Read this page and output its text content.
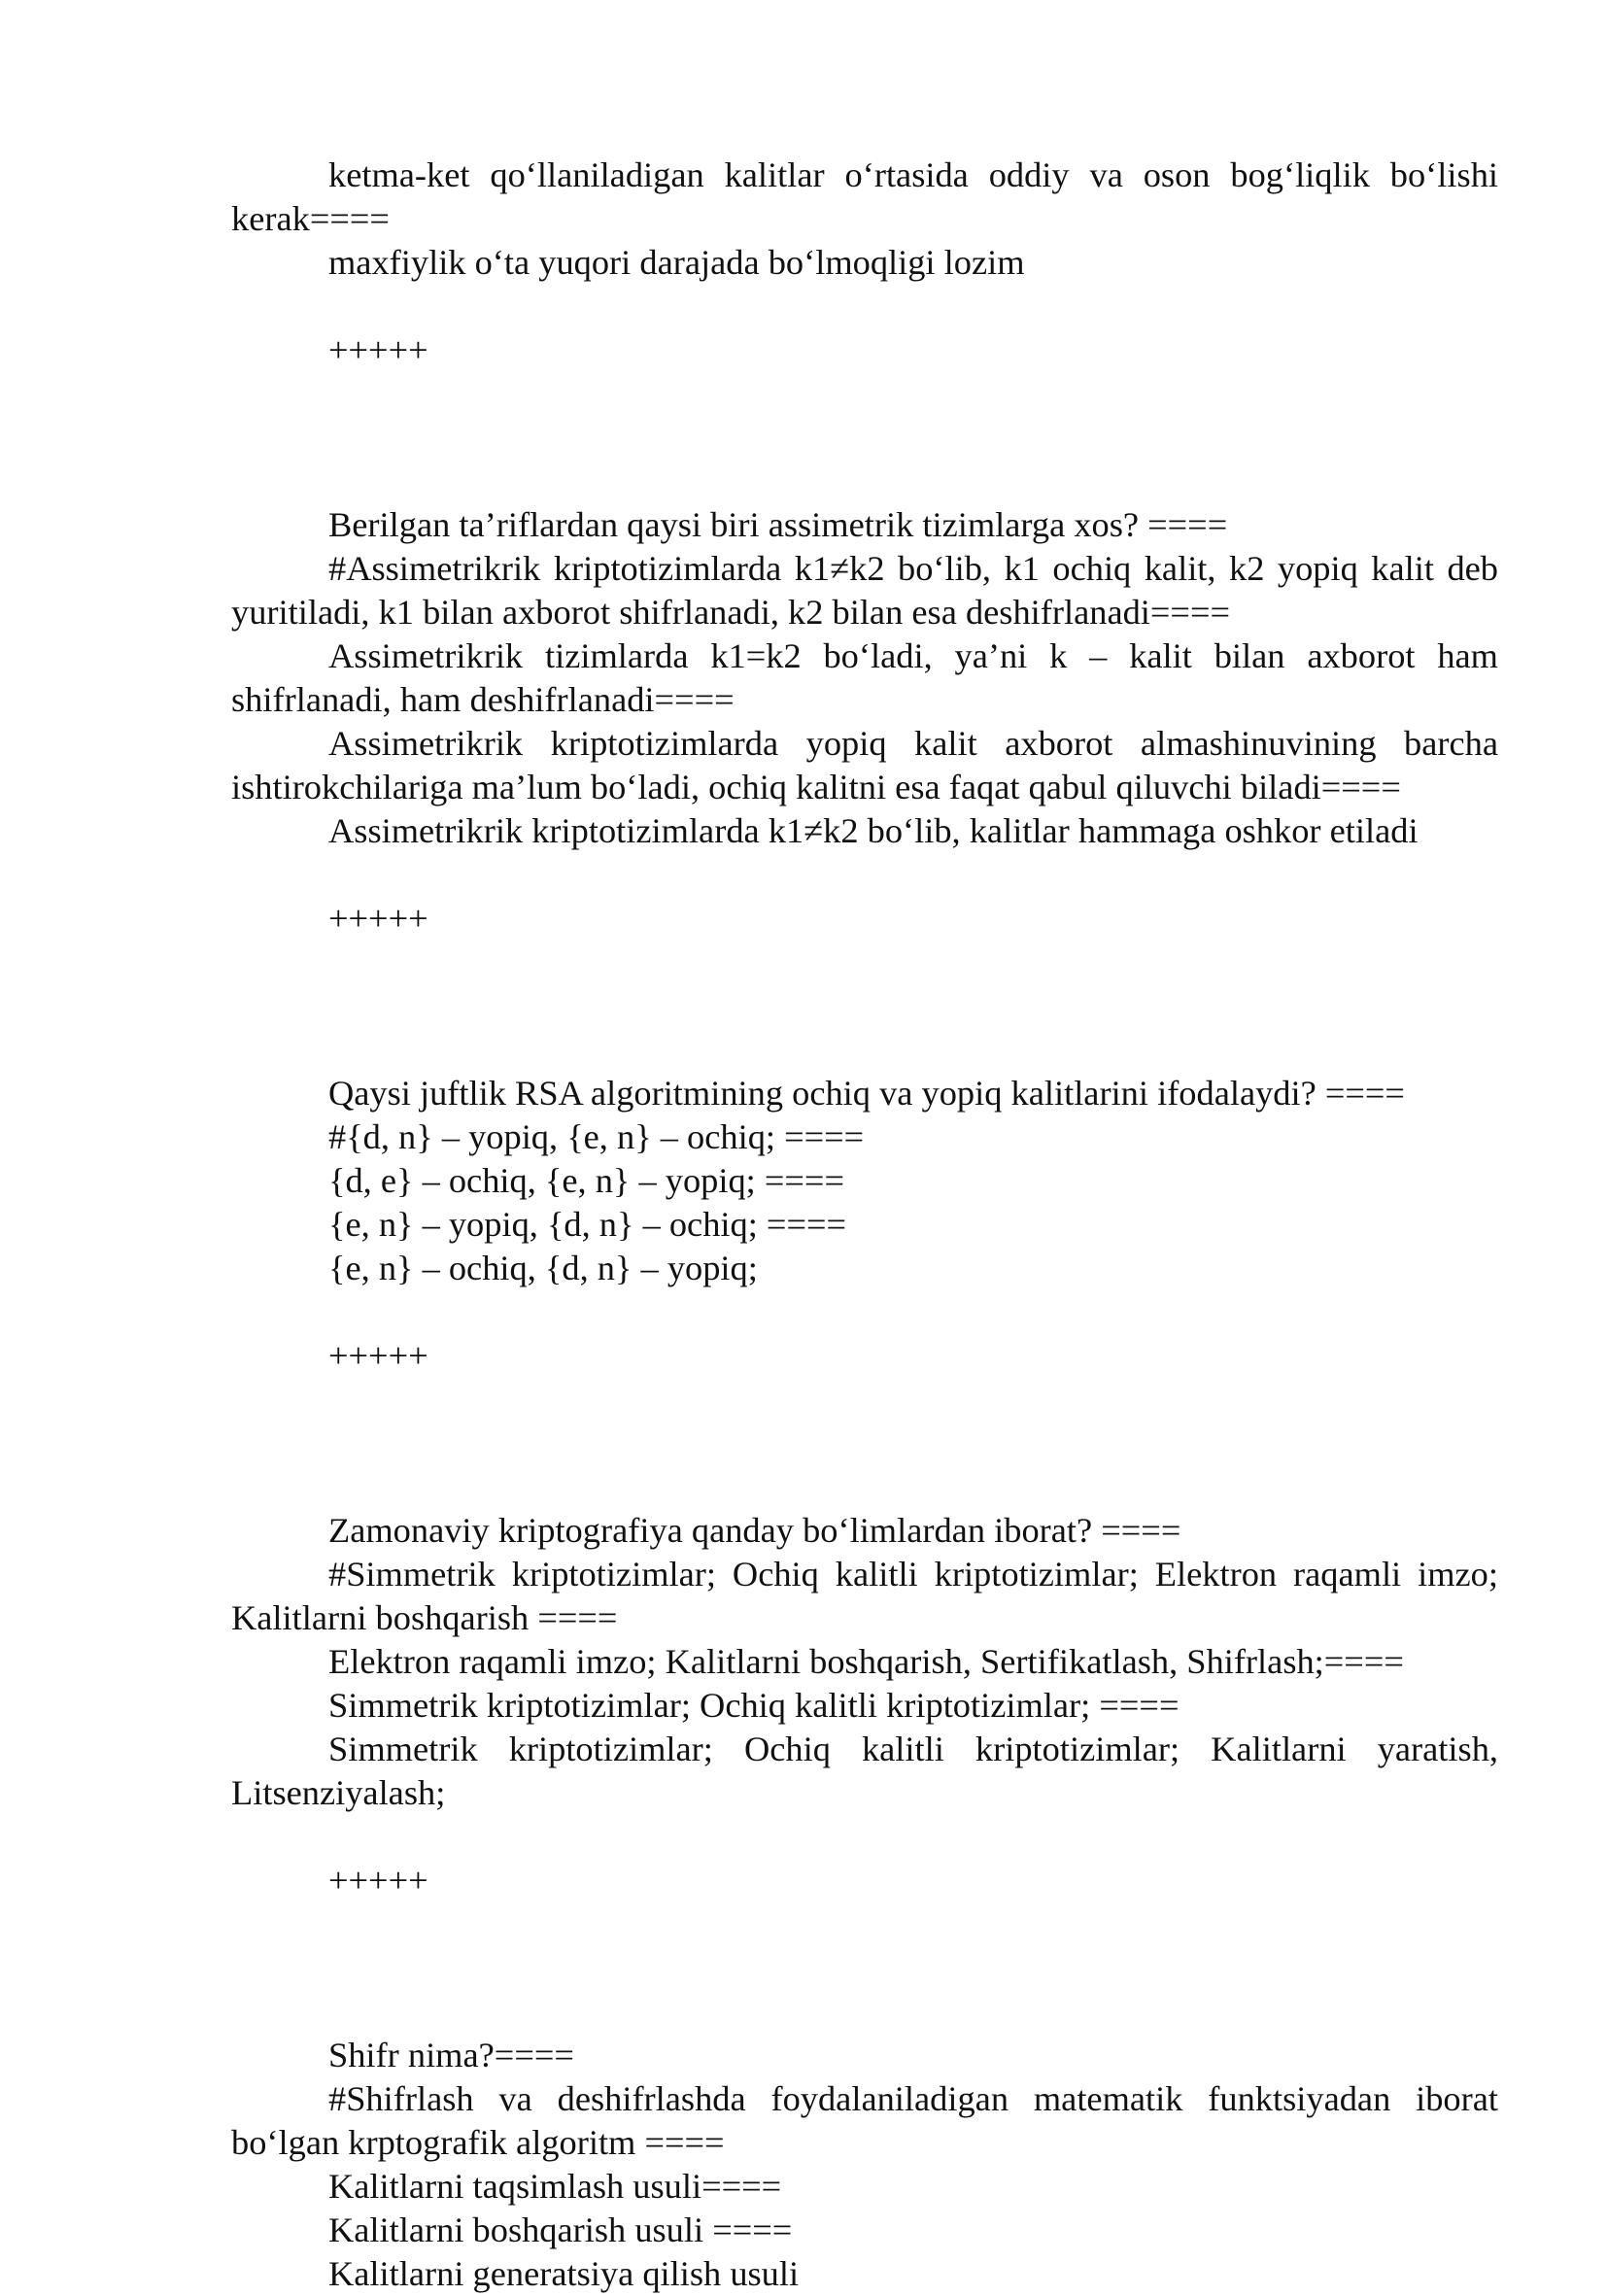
ketma-ket qo‘llaniladigan kalitlar o‘rtasida oddiy va oson bog‘liqlik bo‘lishi kerak====

maxfiylik o‘ta yuqori darajada bo‘lmoqligi lozim

+++++

Berilgan ta’riflardan qaysi biri assimetrik tizimlarga xos? ====

#Assimetrikrik kriptotizimlarda k1≠k2 bo‘lib, k1 ochiq kalit, k2 yopiq kalit deb yuritiladi, k1 bilan axborot shifrlanadi, k2 bilan esa deshifrlanadi====

Assimetrikrik tizimlarda k1=k2 bo‘ladi, ya’ni k – kalit bilan axborot ham shifrlanadi, ham deshifrlanadi====

Assimetrikrik kriptotizimlarda yopiq kalit axborot almashinuvining barcha ishtirokchilariga ma’lum bo‘ladi, ochiq kalitni esa faqat qabul qiluvchi biladi====

Assimetrikrik kriptotizimlarda k1≠k2 bo‘lib, kalitlar hammaga oshkor etiladi

+++++

Qaysi juftlik RSA algoritmining ochiq va yopiq kalitlarini ifodalaydi? ====

#{d, n} – yopiq, {e, n} – ochiq; ====

{d, e} – ochiq, {e, n} – yopiq; ====

{e, n} – yopiq, {d, n} – ochiq; ====

{e, n} – ochiq, {d, n} – yopiq;

+++++

Zamonaviy kriptografiya qanday bo‘limlardan iborat? ====

#Simmetrik kriptotizimlar; Ochiq kalitli kriptotizimlar; Elektron raqamli imzo; Kalitlarni boshqarish ====

Elektron raqamli imzo; Kalitlarni boshqarish, Sertifikatlash, Shifrlash;====

Simmetrik kriptotizimlar; Ochiq kalitli kriptotizimlar; ====

Simmetrik kriptotizimlar; Ochiq kalitli kriptotizimlar; Kalitlarni yaratish, Litsenziyalash;

+++++

Shifr nima?====

#Shifrlash va deshifrlashda foydalaniladigan matematik funktsiyadan iborat bo‘lgan krptografik algoritm ====

Kalitlarni taqsimlash usuli====

Kalitlarni boshqarish usuli ====

Kalitlarni generatsiya qilish usuli
